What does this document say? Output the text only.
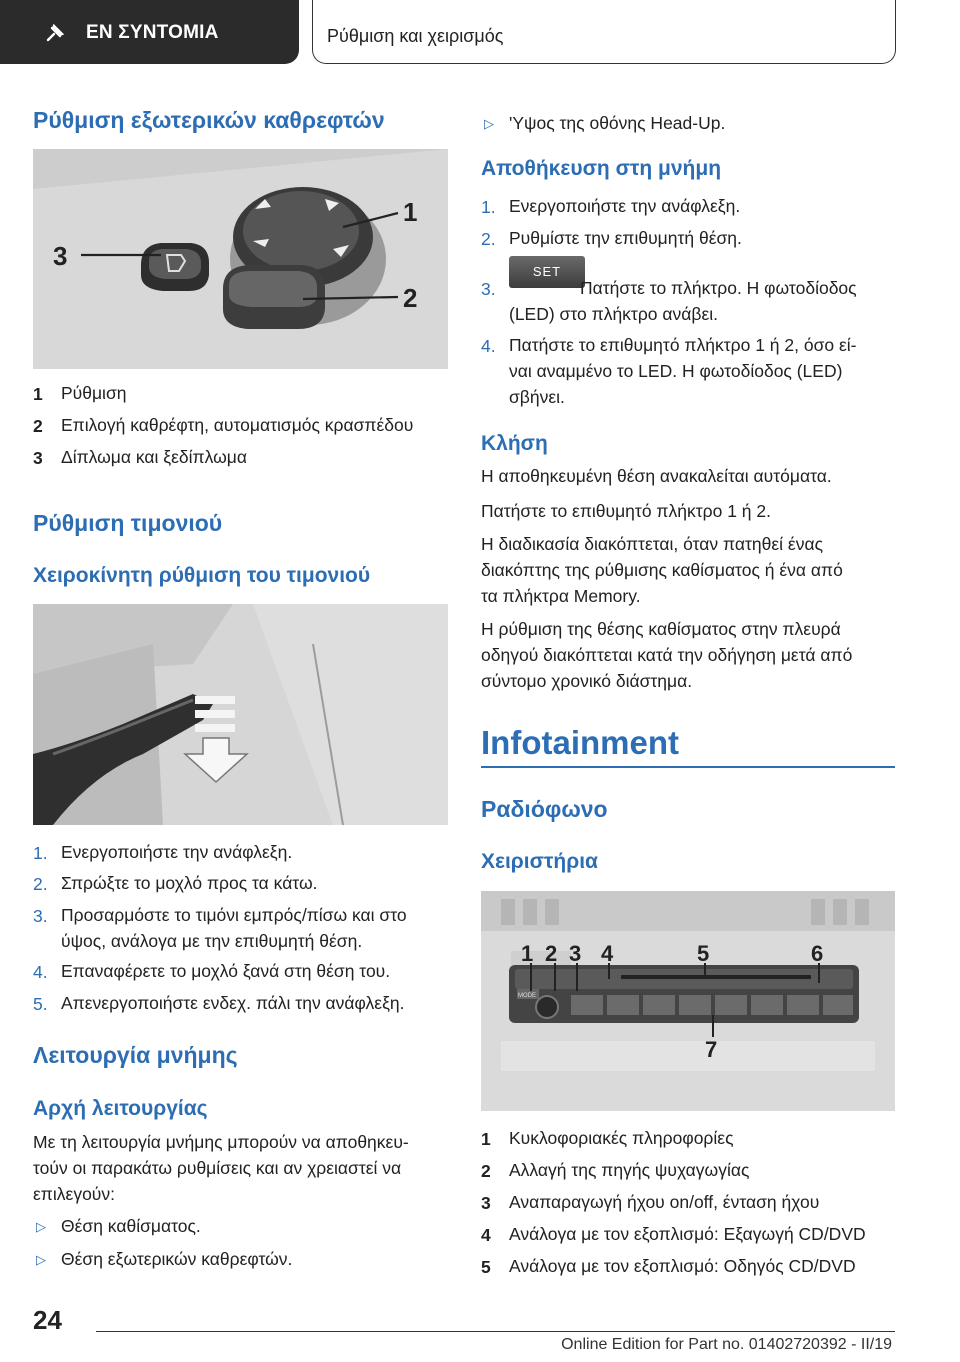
ΕΝ ΣΥΝΤΟΜΙΑ	Ρύθμιση και χειρισμός
Ρύθμιση εξωτερικών καθρεφτών
1
2
3
1 Ρύθμιση
2 Επιλογή καθρέφτη, αυτοματισμός κρασπέδου
3 Δίπλωμα και ξεδίπλωμα
Ρύθμιση τιμονιού
Χειροκίνητη ρύθμιση του τιμονιού
1. Ενεργοποιήστε την ανάφλεξη.
2. Σπρώξτε το μοχλό προς τα κάτω.
3. Προσαρμόστε το τιμόνι εμπρός/πίσω και στο
ύψος, ανάλογα με την επιθυμητή θέση.
4. Επαναφέρετε το μοχλό ξανά στη θέση του.
5. Απενεργοποιήστε ενδεχ. πάλι την ανάφλεξη.
Λειτουργία μνήμης
Αρχή λειτουργίας
Με τη λειτουργία μνήμης μπορούν να αποθηκευ-
τούν οι παρακάτω ρυθμίσεις και αν χρειαστεί να
επιλεγούν:
▷ Θέση καθίσματος.
▷ Θέση εξωτερικών καθρεφτών.
▷ 'Υψος της οθόνης Head-Up.
Αποθήκευση στη μνήμη
1. Ενεργοποιήστε την ανάφλεξη.
2. Ρυθμίστε την επιθυμητή θέση.
3.
SET
Πατήστε το πλήκτρο. Η φωτοδίοδος
(LED) στο πλήκτρο ανάβει.
4. Πατήστε το επιθυμητό πλήκτρο 1 ή 2, όσο εί-
ναι αναμμένο το LED. Η φωτοδίοδος (LED)
σβήνει.
Κλήση
Η αποθηκευμένη θέση ανακαλείται αυτόματα.
Πατήστε το επιθυμητό πλήκτρο 1 ή 2.
Η διαδικασία διακόπτεται, όταν πατηθεί ένας
διακόπτης της ρύθμισης καθίσματος ή ένα από
τα πλήκτρα Memory.
Η ρύθμιση της θέσης καθίσματος στην πλευρά
οδηγού διακόπτεται κατά την οδήγηση μετά από
σύντομο χρονικό διάστημα.
Infotainment
Ραδιόφωνο
Χειριστήρια
MODE
1 2 3 4	5	6
7
1 Κυκλοφοριακές πληροφορίες
2 Αλλαγή της πηγής ψυχαγωγίας
3 Αναπαραγωγή ήχου on/off, ένταση ήχου
4 Ανάλογα με τον εξοπλισμό: Εξαγωγή CD/DVD
5 Ανάλογα με τον εξοπλισμό: Οδηγός CD/DVD
24
Online Edition for Part no. 01402720392 - II/19
